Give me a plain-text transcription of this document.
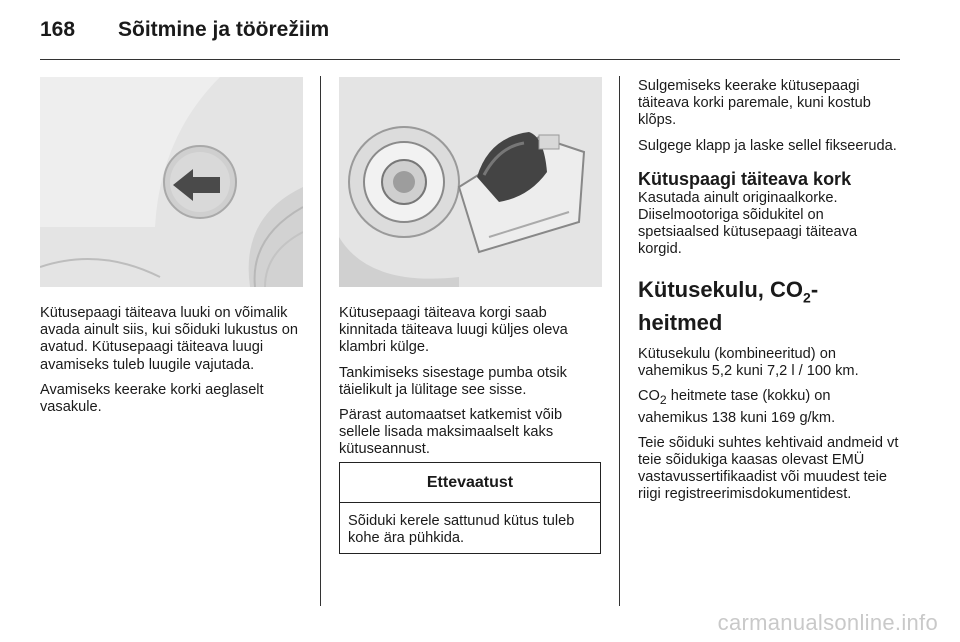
168 Sõitmine ja töörežiim

Kütusepaagi täiteava luuki on võimalik avada ainult siis, kui sõiduki lukustus on avatud. Kütusepaagi täiteava luugi avamiseks tuleb luugile vajutada.

Avamiseks keerake korki aeglaselt vasakule.

Kütusepaagi täiteava korgi saab kinnitada täiteava luugi küljes oleva klambri külge.

Tankimiseks sisestage pumba otsik täielikult ja lülitage see sisse.

Pärast automaatset katkemist võib sellele lisada maksimaalselt kaks kütuseannust.

Ettevaatust
Sõiduki kerele sattunud kütus tuleb kohe ära pühkida.

Sulgemiseks keerake kütusepaagi täiteava korki paremale, kuni kostub klõps.

Sulgege klapp ja laske sellel fikseeruda.

Kütuspaagi täiteava kork

Kasutada ainult originaalkorke. Diiselmootoriga sõidukitel on spetsiaalsed kütusepaagi täiteava korgid.

Kütusekulu, $CO_2$-heitmed

Kütusekulu (kombineeritud) on vahemikus 5,2 kuni 7,2 l / 100 km.

$CO_2$ heitmete tase (kokku) on vahemikus 138 kuni 169 g/km.

Teie sõiduki suhtes kehtivaid andmeid vt teie sõidukiga kaasas olevast EMÜ vastavussertifikaadist või muudest teie riigi registreerimisdokumentidest.

carmanualsonline.info
